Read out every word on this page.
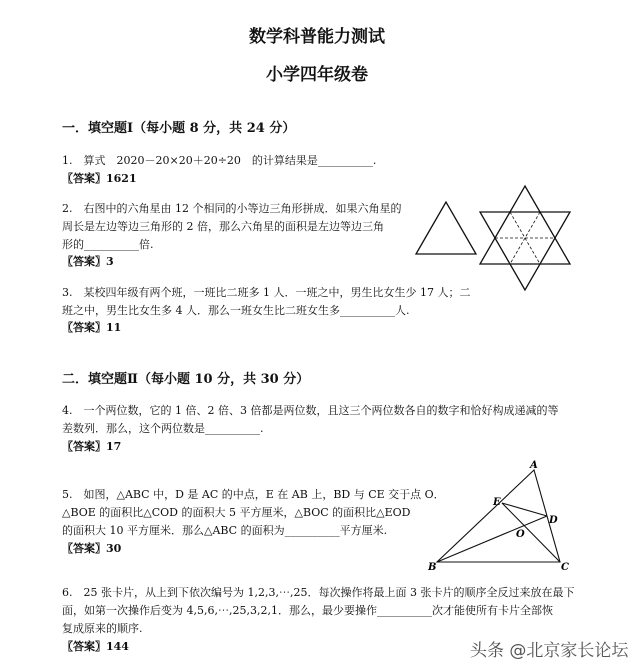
数学科普能力测试
小学四年级卷
一．填空题Ⅰ（每小题 8 分，共 24 分）
1.　算式　2020－20×20＋20÷20　的计算结果是__________.
〖答案〗1621
2.　右图中的六角星由 12 个相同的小等边三角形拼成．如果六角星的
周长是左边等边三角形的 2 倍，那么六角星的面积是左边等边三角
形的__________倍.
〖答案〗3
3.　某校四年级有两个班，一班比二班多 1 人．一班之中，男生比女生少 17 人；二
班之中，男生比女生多 4 人．那么一班女生比二班女生多__________人.
〖答案〗11
二．填空题Ⅱ（每小题 10 分，共 30 分）
4.　一个两位数，它的 1 倍、2 倍、3 倍都是两位数，且这三个两位数各自的数字和恰好构成递减的等
差数列．那么，这个两位数是__________.
〖答案〗17
5.　如图，△ABC 中，D 是 AC 的中点，E 在 AB 上，BD 与 CE 交于点 O．
△BOE 的面积比△COD 的面积大 5 平方厘米，△BOC 的面积比△EOD
的面积大 10 平方厘米．那么△ABC 的面积为__________平方厘米.
〖答案〗30
6.　25 张卡片，从上到下依次编号为 1,2,3,⋯,25．每次操作将最上面 3 张卡片的顺序全反过来放在最下
面，如第一次操作后变为 4,5,6,⋯,25,3,2,1．那么，最少要操作__________次才能使所有卡片全部恢
复成原来的顺序.
〖答案〗144
A
B	C
D
E
O
头条 @北京家长论坛
